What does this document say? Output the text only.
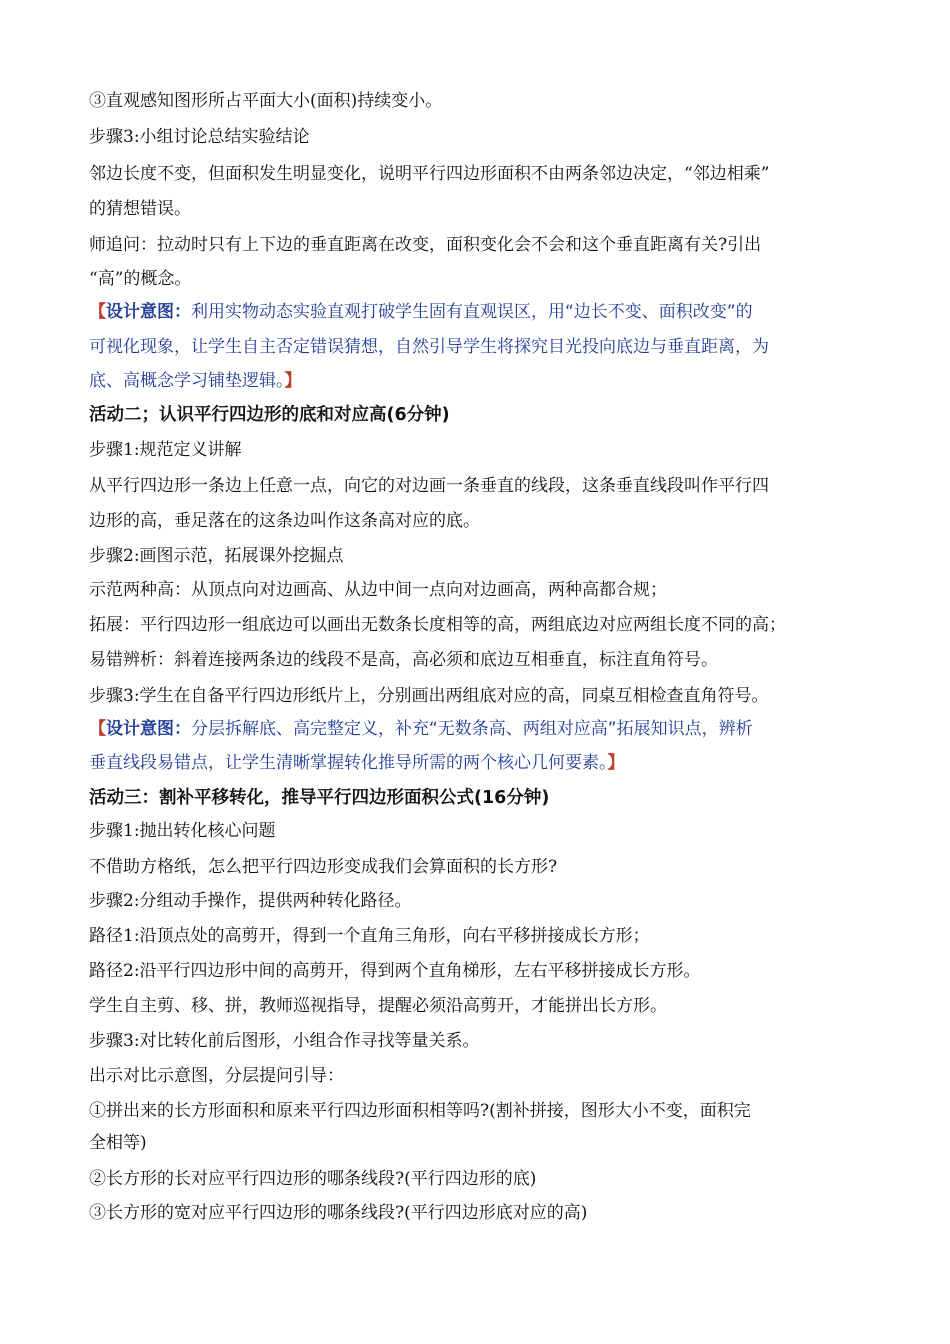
③直观感知图形所占平面大小(面积)持续变小。
步骤3:小组讨论总结实验结论
邻边长度不变，但面积发生明显变化，说明平行四边形面积不由两条邻边决定，“邻边相乘”
的猜想错误。
师追问：拉动时只有上下边的垂直距离在改变，面积变化会不会和这个垂直距离有关?引出
“高”的概念。
【设计意图：利用实物动态实验直观打破学生固有直观误区，用“边长不变、面积改变”的
可视化现象，让学生自主否定错误猜想，自然引导学生将探究目光投向底边与垂直距离，为
底、高概念学习铺垫逻辑。】
活动二；认识平行四边形的底和对应高(6分钟)
步骤1:规范定义讲解
从平行四边形一条边上任意一点，向它的对边画一条垂直的线段，这条垂直线段叫作平行四
边形的高，垂足落在的这条边叫作这条高对应的底。
步骤2:画图示范，拓展课外挖掘点
示范两种高：从顶点向对边画高、从边中间一点向对边画高，两种高都合规；
拓展：平行四边形一组底边可以画出无数条长度相等的高，两组底边对应两组长度不同的高；
易错辨析：斜着连接两条边的线段不是高，高必须和底边互相垂直，标注直角符号。
步骤3:学生在自备平行四边形纸片上，分别画出两组底对应的高，同桌互相检查直角符号。
【设计意图：分层拆解底、高完整定义，补充“无数条高、两组对应高”拓展知识点，辨析
垂直线段易错点，让学生清晰掌握转化推导所需的两个核心几何要素。】
活动三：割补平移转化，推导平行四边形面积公式(16分钟)
步骤1:抛出转化核心问题
不借助方格纸，怎么把平行四边形变成我们会算面积的长方形?
步骤2:分组动手操作，提供两种转化路径。
路径1:沿顶点处的高剪开，得到一个直角三角形，向右平移拼接成长方形；
路径2:沿平行四边形中间的高剪开，得到两个直角梯形，左右平移拼接成长方形。
学生自主剪、移、拼，教师巡视指导，提醒必须沿高剪开，才能拼出长方形。
步骤3:对比转化前后图形，小组合作寻找等量关系。
出示对比示意图，分层提问引导：
①拼出来的长方形面积和原来平行四边形面积相等吗?(割补拼接，图形大小不变，面积完
全相等)
②长方形的长对应平行四边形的哪条线段?(平行四边形的底)
③长方形的宽对应平行四边形的哪条线段?(平行四边形底对应的高)
